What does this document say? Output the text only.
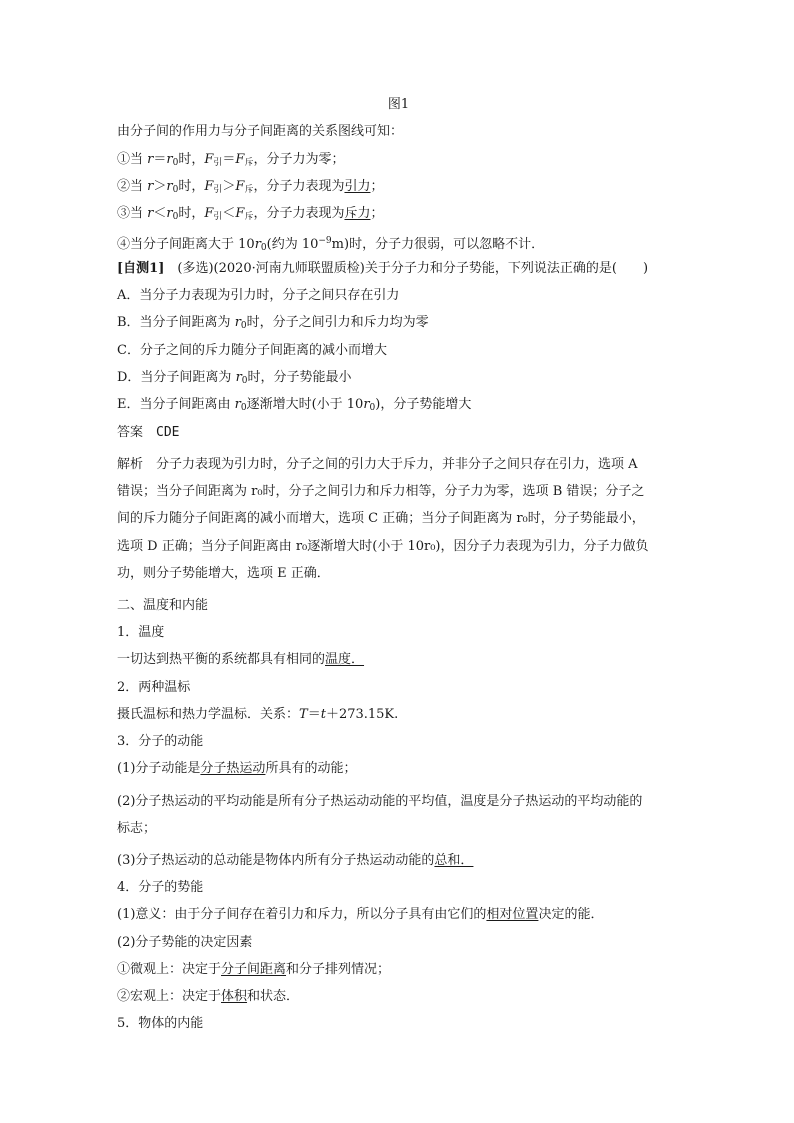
图1
由分子间的作用力与分子间距离的关系图线可知：
①当 r＝r0时，F引＝F斥，分子力为零；
②当 r＞r0时，F引＞F斥，分子力表现为引力；
③当 r＜r0时，F引＜F斥，分子力表现为斥力；
④当分子间距离大于 10r0(约为 $10^{-9}m$)时，分子力很弱，可以忽略不计．
[自测1]　 (多选)(2020·河南九师联盟质检)关于分子力和分子势能，下列说法正确的是(　　)
A．当分子力表现为引力时，分子之间只存在引力
B．当分子间距离为 r0时，分子之间引力和斥力均为零
C．分子之间的斥力随分子间距离的减小而增大
D．当分子间距离为 r0时，分子势能最小
E．当分子间距离由 r0逐渐增大时(小于 10r0)，分子势能增大
答案　 CDE
解析　 分子力表现为引力时，分子之间的引力大于斥力，并非分子之间只存在引力，选项 A
错误；当分子间距离为 r₀时，分子之间引力和斥力相等，分子力为零，选项 B 错误；分子之
间的斥力随分子间距离的减小而增大，选项 C 正确；当分子间距离为 r₀时，分子势能最小，
选项 D 正确；当分子间距离由 r₀逐渐增大时(小于 10r₀)，因分子力表现为引力，分子力做负
功，则分子势能增大，选项 E 正确．
二、温度和内能
1．温度
一切达到热平衡的系统都具有相同的温度．
2．两种温标
摄氏温标和热力学温标．关系：T＝t＋273.15K.
3．分子的动能
(1)分子动能是分子热运动所具有的动能；
(2)分子热运动的平均动能是所有分子热运动动能的平均值，温度是分子热运动的平均动能的
标志；
(3)分子热运动的总动能是物体内所有分子热运动动能的总和．
4．分子的势能
(1)意义：由于分子间存在着引力和斥力，所以分子具有由它们的相对位置决定的能．
(2)分子势能的决定因素
①微观上：决定于分子间距离和分子排列情况；
②宏观上：决定于体积和状态．
5．物体的内能
